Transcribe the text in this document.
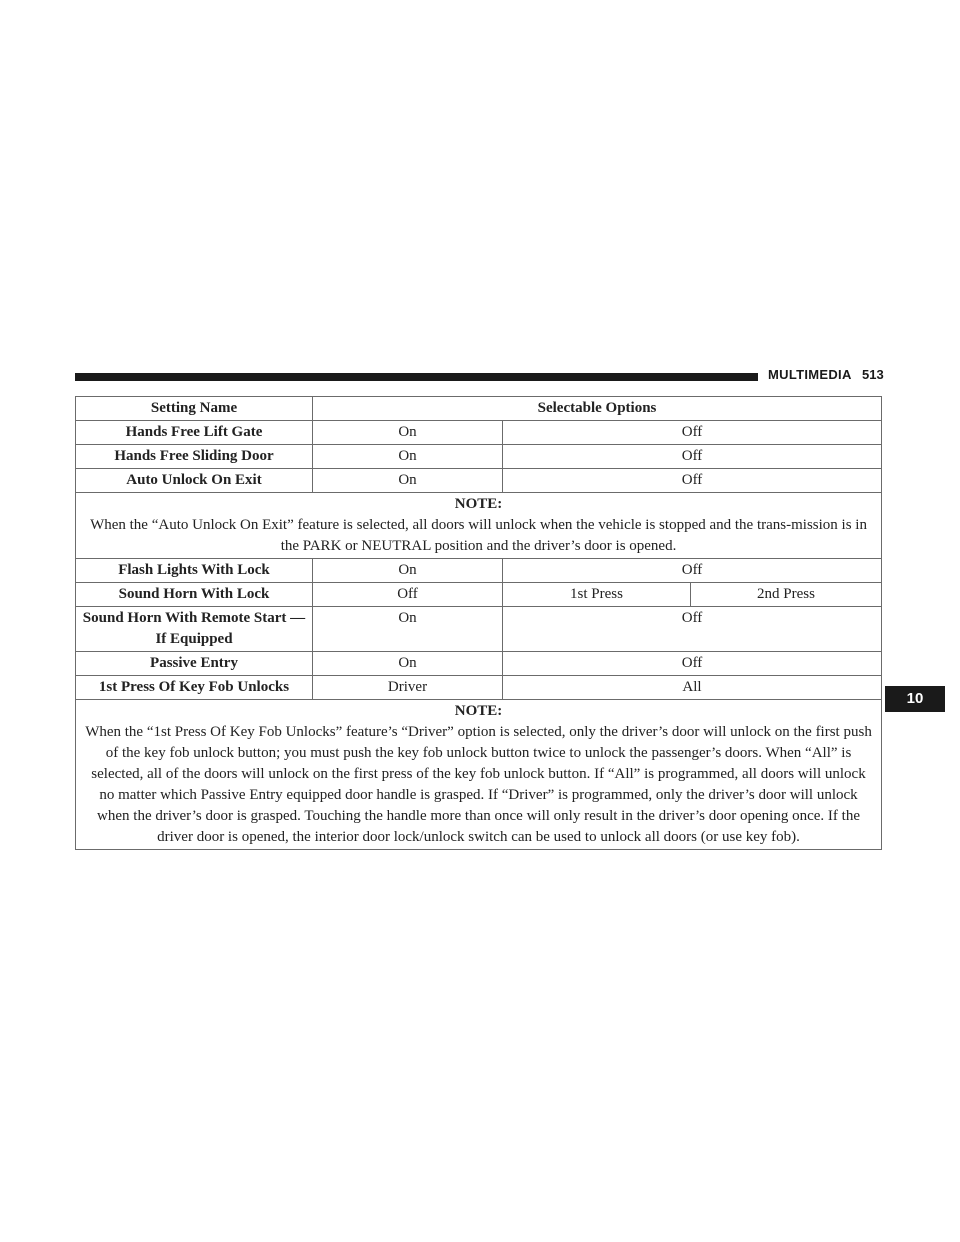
MULTIMEDIA 513
Setting Name	Selectable Options		
Hands Free Lift Gate	On	Off	
Hands Free Sliding Door	On	Off	
Auto Unlock On Exit	On	Off	

NOTE:
When the “Auto Unlock On Exit” feature is selected, all doors will unlock when the vehicle is stopped and the trans-mission is in the PARK or NEUTRAL position and the driver’s door is opened.			

Flash Lights With Lock	On	Off	
Sound Horn With Lock	Off	1st Press	2nd Press
Sound Horn With Remote Start — If Equipped	On	Off	
Passive Entry	On	Off	
1st Press Of Key Fob Unlocks	Driver	All	

NOTE:
When the “1st Press Of Key Fob Unlocks” feature’s “Driver” option is selected, only the driver’s door will unlock on the first push of the key fob unlock button; you must push the key fob unlock button twice to unlock the passenger’s doors. When “All” is selected, all of the doors will unlock on the first press of the key fob unlock button. If “All” is programmed, all doors will unlock no matter which Passive Entry equipped door handle is grasped. If “Driver” is programmed, only the driver’s door will unlock when the driver’s door is grasped. Touching the handle more than once will only result in the driver’s door opening once. If the driver door is opened, the interior door lock/unlock switch can be used to unlock all doors (or use key fob).			
10
